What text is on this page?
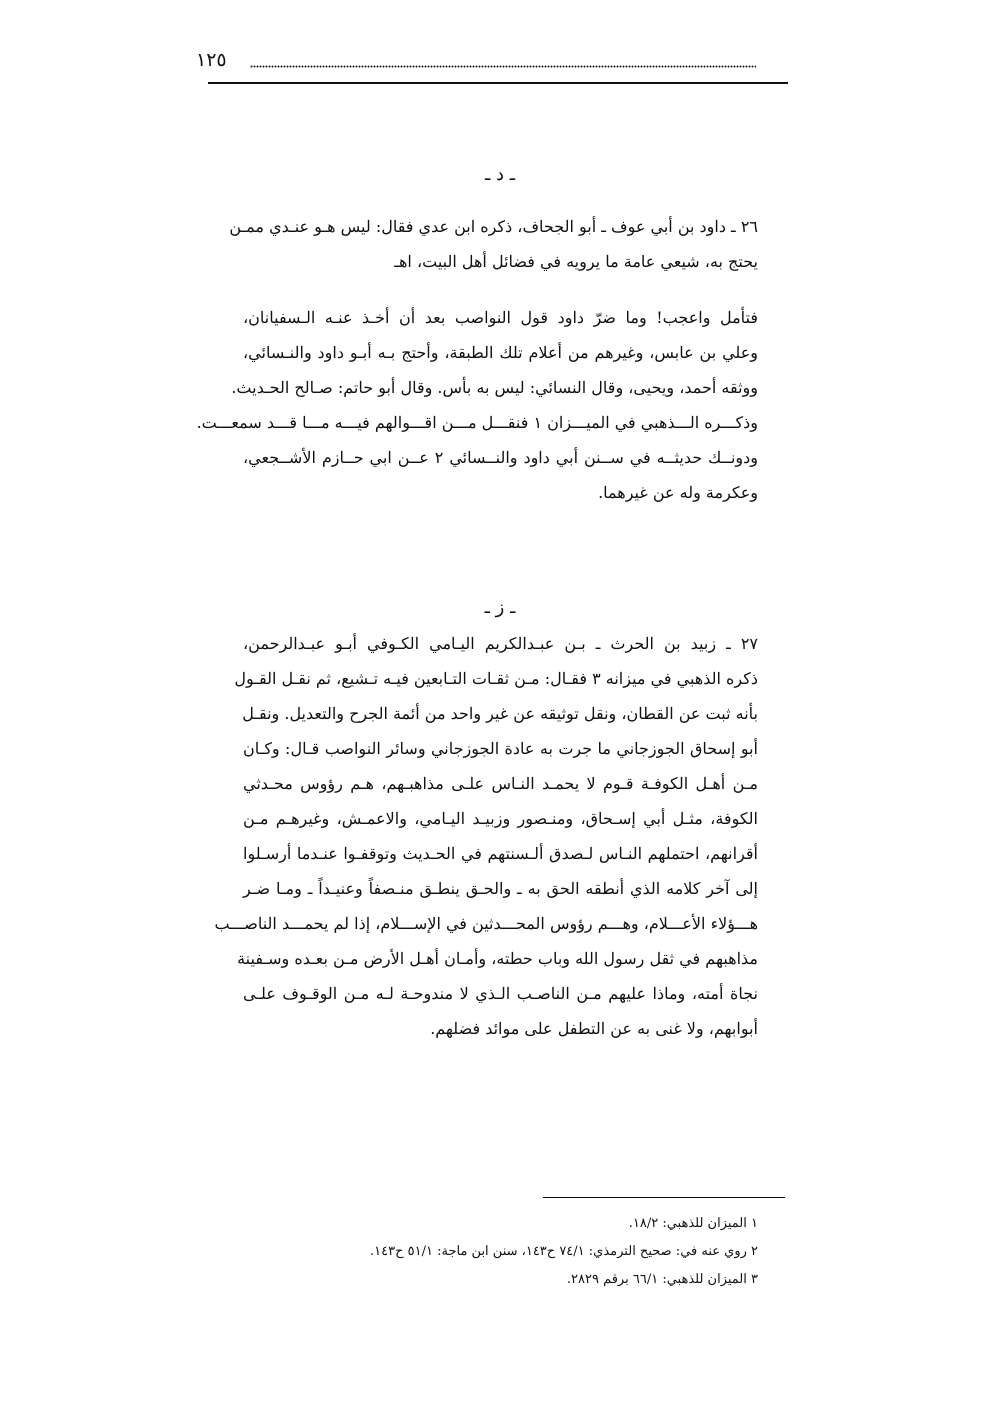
١٢٥
ـ د ـ
٢٦ ـ داود بن أبي عوف ـ أبو الجحاف، ذكره ابن عدي فقال: ليس هـو عنـدي ممـن
يحتج به، شيعي عامة ما يرويه في فضائل أهل البيت، اهـ
فتأمل واعجب! وما ضرّ داود قول النواصب بعد أن أخـذ عنـه الـسفيانان،
وعلي بن عابس، وغيرهم من أعلام تلك الطبقة، وأحتج بـه أبـو داود والنـسائي،
ووثقه أحمد، ويحيى، وقال النسائي: ليس به بأس. وقال أبو حاتم: صـالح الحـديث.
وذكـــره الـــذهبي في الميـــزان ١ فنقـــل مـــن اقـــوالهم فيـــه مـــا قـــد سمعـــت.
ودونــك حديثــه في ســنن أبي داود والنــسائي ٢ عــن ابي حــازم الأشــجعي،
وعكرمة وله عن غيرهما.
ـ ز ـ
٢٧ ـ زبيد بن الحرث ـ بـن عبـدالكريم اليـامي الكـوفي أبـو عبـدالرحمن،
ذكره الذهبي في ميزانه ٣ فقـال: مـن ثقـات التـابعين فيـه تـشيع، ثم نقـل القـول
بأنه ثبت عن القطان، ونقل توثيقه عن غير واحد من أئمة الجرح والتعديل. ونقـل
أبو إسحاق الجوزجاني ما جرت به عادة الجوزجاني وسائر النواصب قـال: وكـان
مـن أهـل الكوفـة قـوم لا يحمـد النـاس علـى مذاهبـهم، هـم رؤوس محـدثي
الكوفة، مثـل أبي إسـحاق، ومنـصور وزبيـد اليـامي، والاعمـش، وغيرهـم مـن
أقرانهم، احتملهم النـاس لـصدق ألـسنتهم في الحـديث وتوقفـوا عنـدما أرسـلوا
إلى آخر كلامه الذي أنطقه الحق به ـ والحـق ينطـق منـصفاً وعنيـداً ـ ومـا ضـر
هـــؤلاء الأعـــلام، وهـــم رؤوس المحـــدثين في الإســـلام، إذا لم يحمـــد الناصـــب
مذاهبهم في ثقل رسول الله وباب حطته، وأمـان أهـل الأرض مـن بعـده وسـفينة
نجاة أمته، وماذا عليهم مـن الناصـب الـذي لا مندوحـة لـه مـن الوقـوف علـى
أبوابهم، ولا غنى به عن التطفل على موائد فضلهم.
١ الميزان للذهبي: ١٨/٢.
٢ روي عنه في: صحيح الترمذي: ٧٤/١ ح١٤٣، سنن ابن ماجة: ٥١/١ ح١٤٣.
٣ الميزان للذهبي: ٦٦/١ برقم ٢٨٢٩.
